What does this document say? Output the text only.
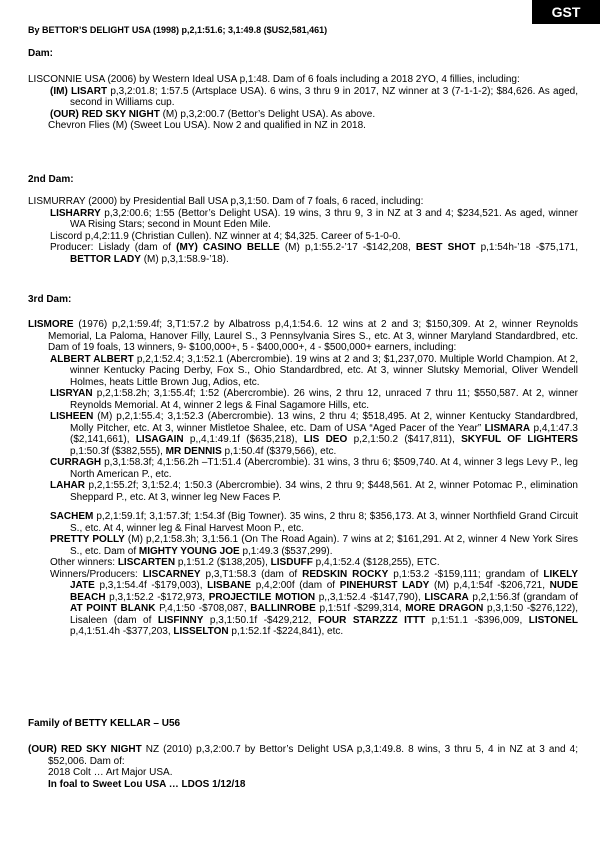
GST
By BETTOR’S DELIGHT USA (1998) p,2,1:51.6; 3,1:49.8 ($US2,581,461)
Dam:
LISCONNIE USA (2006) by Western Ideal USA p,1:48. Dam of 6 foals including a 2018 2YO, 4 fillies, including:
(IM) LISART p,3,2:01.8; 1:57.5 (Artsplace USA). 6 wins, 3 thru 9 in 2017, NZ winner at 3 (7-1-1-2); $84,626. As aged, second in Williams cup.
(OUR) RED SKY NIGHT (M) p,3,2:00.7 (Bettor’s Delight USA). As above.
Chevron Flies (M) (Sweet Lou USA). Now 2 and qualified in NZ in 2018.
2nd Dam:
LISMURRAY (2000) by Presidential Ball USA p,3,1:50. Dam of 7 foals, 6 raced, including:
LISHARRY p,3,2:00.6; 1:55 (Bettor’s Delight USA). 19 wins, 3 thru 9, 3 in NZ at 3 and 4; $234,521. As aged, winner WA Rising Stars; second in Mount Eden Mile.
Liscord p,4,2:11.9 (Christian Cullen). NZ winner at 4; $4,325. Career of 5-1-0-0.
Producer: Lislady (dam of (MY) CASINO BELLE (M) p,1:55.2-’17 -$142,208, BEST SHOT p,1:54h-’18 -$75,171, BETTOR LADY (M) p,3,1:58.9-’18).
3rd Dam:
LISMORE (1976) p,2,1:59.4f; 3,T1:57.2 by Albatross p,4,1:54.6. 12 wins at 2 and 3; $150,309. At 2, winner Reynolds Memorial, La Paloma, Hanover Filly, Laurel S., 3 Pennsylvania Sires S., etc. At 3, winner Maryland Standardbred, etc. Dam of 19 foals, 13 winners, 9- $100,000+, 5 - $400,000+, 4 - $500,000+ earners, including:
ALBERT ALBERT p,2,1:52.4; 3,1:52.1 (Abercrombie). 19 wins at 2 and 3; $1,237,070. Multiple World Champion. At 2, winner Kentucky Pacing Derby, Fox S., Ohio Standardbred, etc. At 3, winner Slutsky Memorial, Oliver Wendell Holmes, heats Little Brown Jug, Adios, etc.
LISRYAN p,2,1:58.2h; 3,1:55.4f; 1:52 (Abercrombie). 26 wins, 2 thru 12, unraced 7 thru 11; $550,587. At 2, winner Reynolds Memorial. At 4, winner 2 legs & Final Sagamore Hills, etc.
LISHEEN (M) p,2,1:55.4; 3,1:52.3 (Abercrombie). 13 wins, 2 thru 4; $518,495. At 2, winner Kentucky Standardbred, Molly Pitcher, etc. At 3, winner Mistletoe Shalee, etc. Dam of USA “Aged Pacer of the Year” LISMARA p,4,1:47.3 ($2,141,661), LISAGAIN p,,4,1:49.1f ($635,218), LIS DEO p,2,1:50.2 ($417,811), SKYFUL OF LIGHTERS p,1:50.3f ($382,555), MR DENNIS p,1:50.4f ($379,566), etc.
CURRAGH p,3,1:58.3f; 4,1:56.2h –T1:51.4 (Abercrombie). 31 wins, 3 thru 6; $509,740. At 4, winner 3 legs Levy P., leg North American P., etc.
LAHAR p,2,1:55.2f; 3,1:52.4; 1:50.3 (Abercrombie). 34 wins, 2 thru 9; $448,561. At 2, winner Potomac P., elimination Sheppard P., etc. At 3, winner leg New Faces P.
SACHEM p,2,1:59.1f; 3,1:57.3f; 1:54.3f (Big Towner). 35 wins, 2 thru 8; $356,173. At 3, winner Northfield Grand Circuit S., etc. At 4, winner leg & Final Harvest Moon P., etc.
PRETTY POLLY (M) p,2,1:58.3h; 3,1:56.1 (On The Road Again). 7 wins at 2; $161,291. At 2, winner 4 New York Sires S., etc. Dam of MIGHTY YOUNG JOE p,1:49.3 ($537,299).
Other winners: LISCARTEN p,1:51.2 ($138,205), LISDUFF p,4,1:52.4 ($128,255), ETC.
Winners/Producers: LISCARNEY p,3,T1:58.3 (dam of REDSKIN ROCKY p,1:53.2 -$159,111; grandam of LIKELY JATE p,3,1:54.4f -$179,003), LISBANE p,4,2:00f (dam of PINEHURST LADY (M) p,4,1:54f -$206,721, NUDE BEACH p,3,1:52.2 -$172,973, PROJECTILE MOTION p,,3,1:52.4 -$147,790), LISCARA p,2,1:56.3f (grandam of AT POINT BLANK P,4,1:50 -$708,087, BALLINROBE p,1:51f -$299,314, MORE DRAGON p,3,1:50 -$276,122), Lisaleen (dam of LISFINNY p,3,1:50.1f -$429,212, FOUR STARZZZ ITTT p,1:51.1 -$396,009, LISTONEL p,4,1:51.4h -$377,203, LISSELTON p,1:52.1f -$224,841), etc.
Family of BETTY KELLAR – U56
(OUR) RED SKY NIGHT NZ (2010) p,3,2:00.7 by Bettor’s Delight USA p,3,1:49.8. 8 wins, 3 thru 5, 4 in NZ at 3 and 4; $52,006. Dam of:
2018 Colt … Art Major USA.
In foal to Sweet Lou USA … LDOS 1/12/18
